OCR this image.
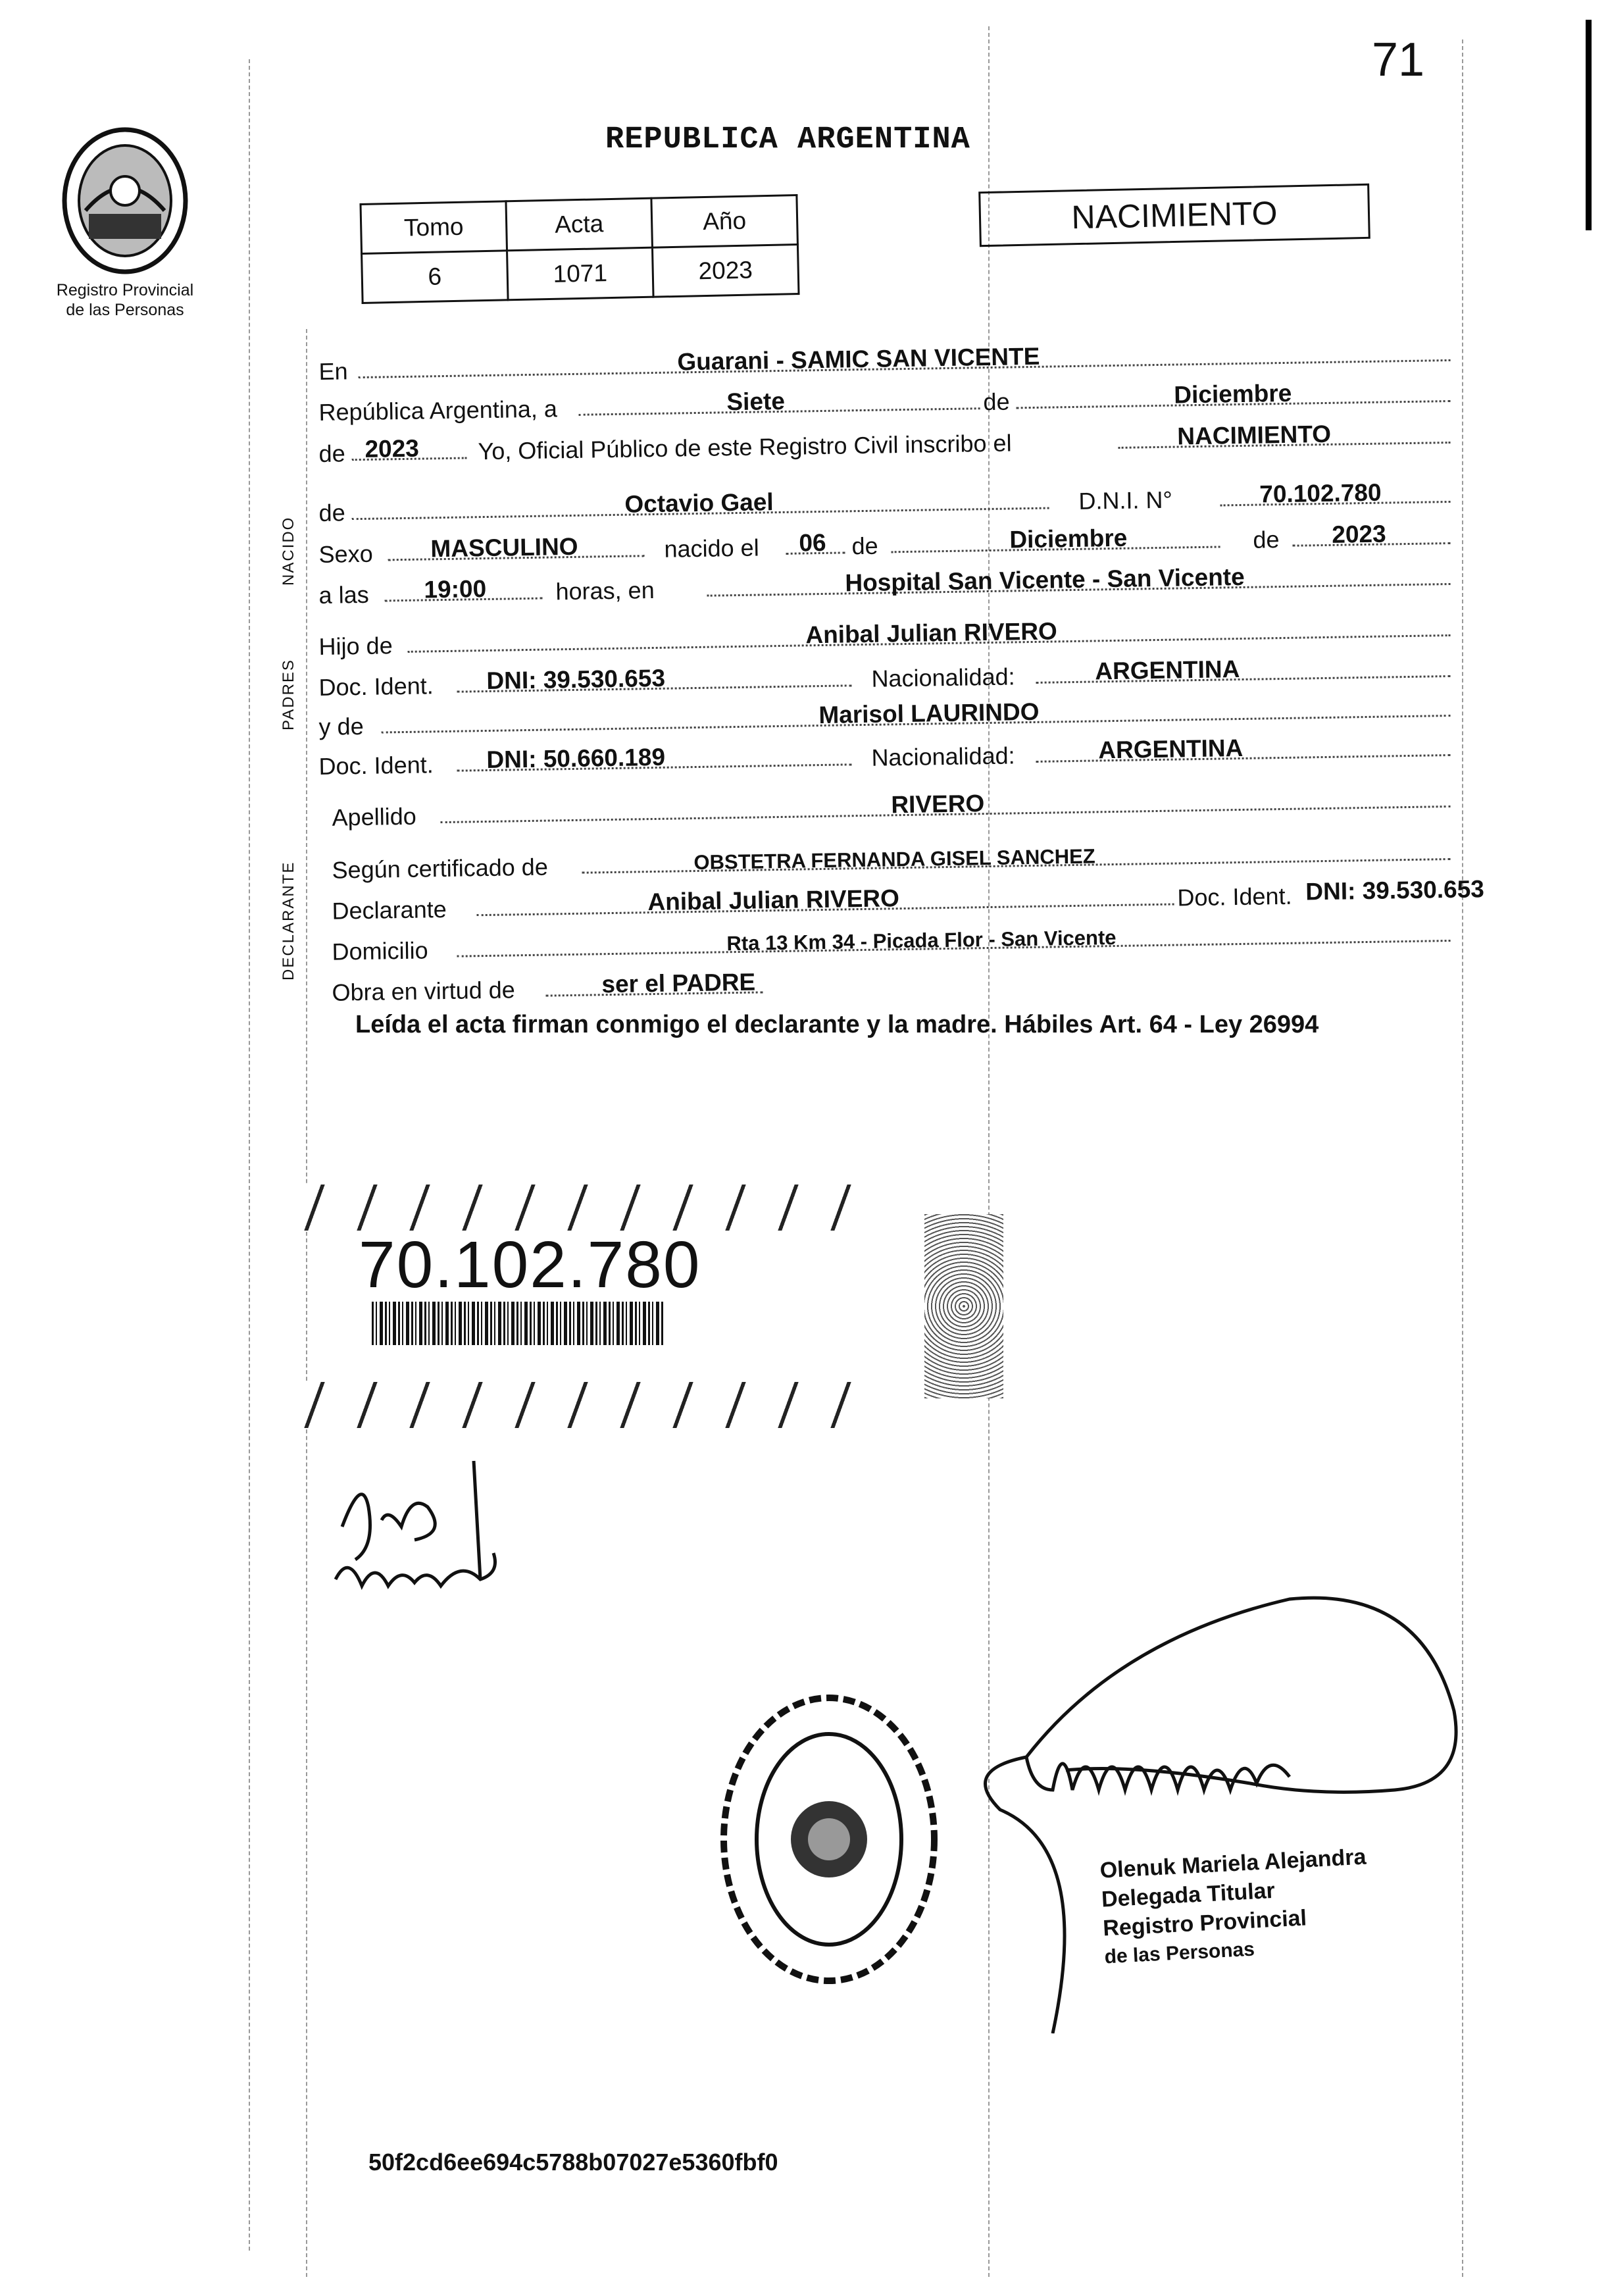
71
Registro Provincial
de las Personas
REPUBLICA ARGENTINA
Tomo	Acta	Año
6	1071	2023
NACIMIENTO
NACIDO
PADRES
DECLARANTE
En	Guarani - SAMIC SAN VICENTE
República Argentina, a	Siete	de	Diciembre
de 2023 Yo, Oficial Público de este Registro Civil inscribo el	NACIMIENTO
de	Octavio Gael	D.N.I. N°	70.102.780
Sexo MASCULINO	nacido el 06 de	Diciembre	de 2023
a las 19:00	horas, en	Hospital San Vicente - San Vicente
Hijo de	Anibal Julian RIVERO
Doc. Ident. DNI: 39.530.653	Nacionalidad:	ARGENTINA
y de	Marisol LAURINDO
Doc. Ident. DNI: 50.660.189	Nacionalidad:	ARGENTINA
Apellido	RIVERO
Según certificado de	OBSTETRA FERNANDA GISEL SANCHEZ
Declarante	Anibal Julian RIVERO	Doc. Ident. DNI: 39.530.653
Domicilio	Rta 13 Km 34 - Picada Flor - San Vicente
Obra en virtud de	ser el PADRE
Leída el acta firman conmigo el declarante y la madre. Hábiles Art. 64 - Ley 26994
70.102.780
Olenuk Mariela Alejandra
Delegada Titular
Registro Provincial
de las Personas
50f2cd6ee694c5788b07027e5360fbf0
